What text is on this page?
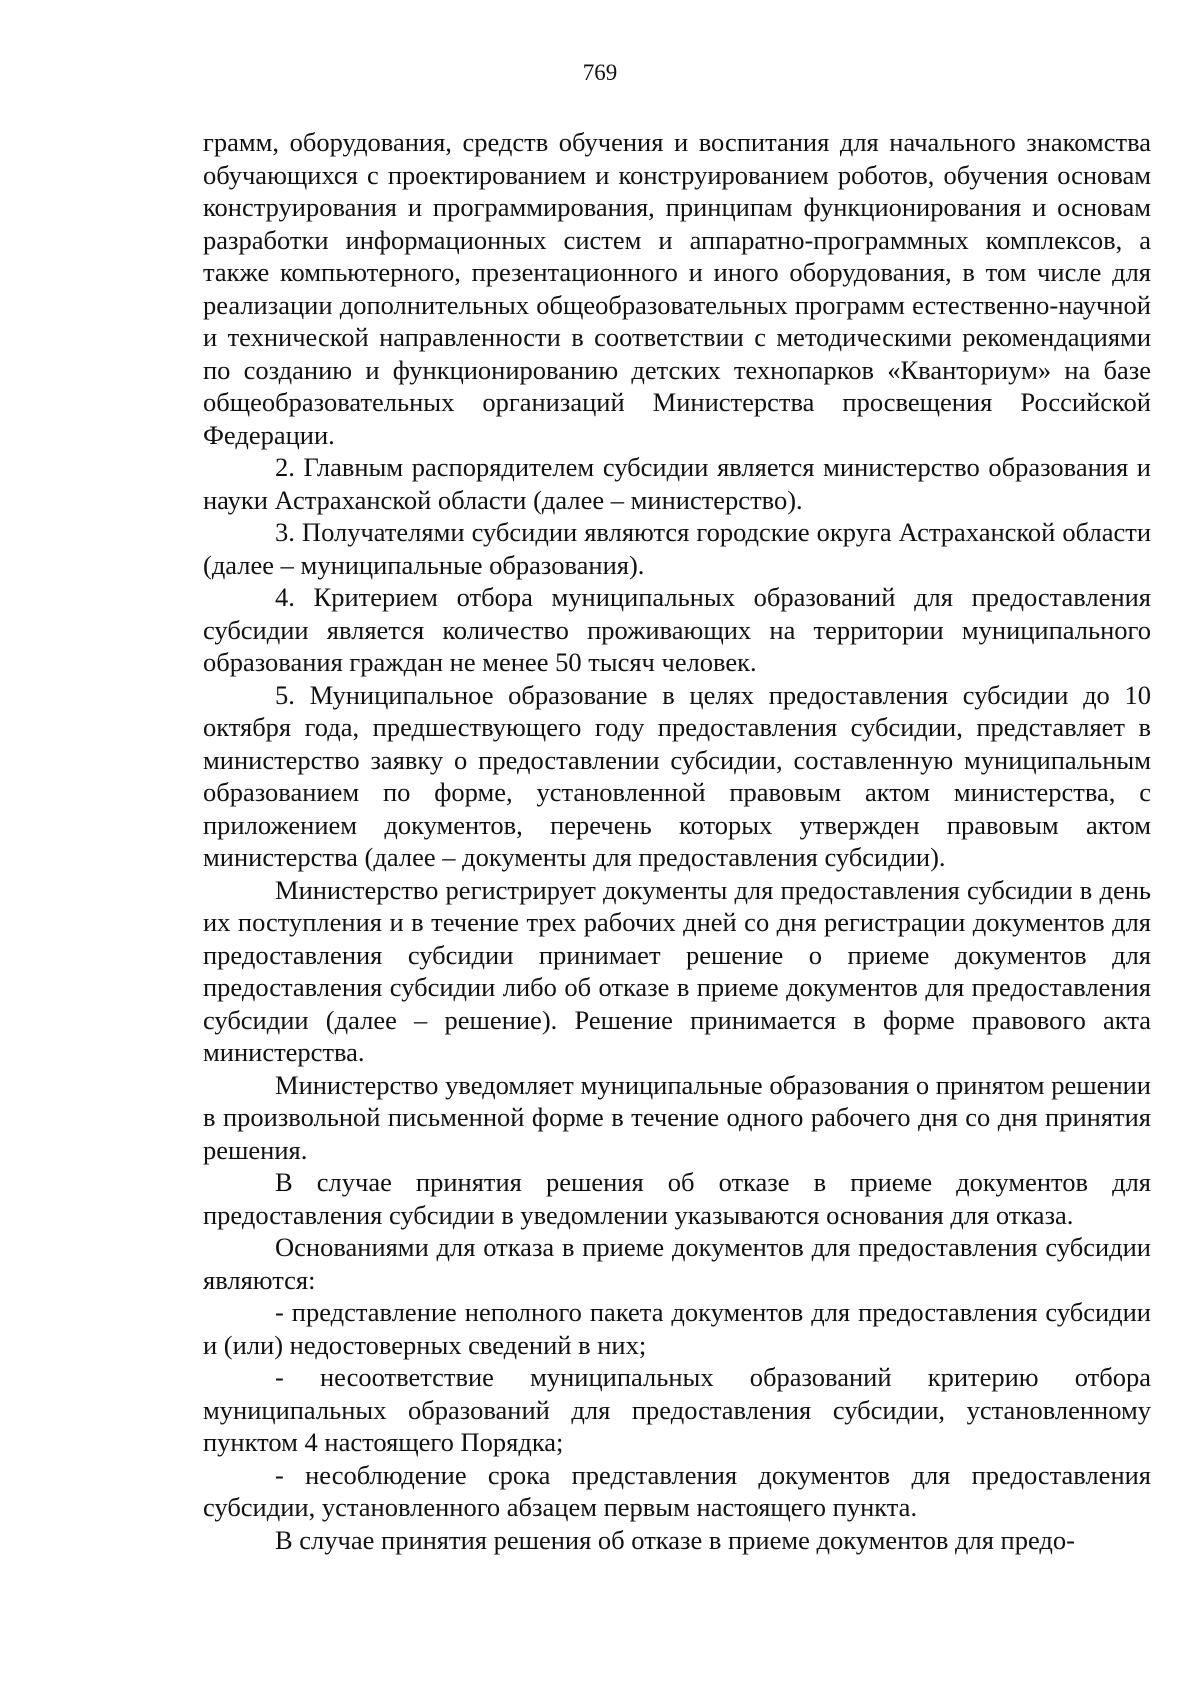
769

грамм, оборудования, средств обучения и воспитания для начального знакомства обучающихся с проектированием и конструированием роботов, обучения основам конструирования и программирования, принципам функционирования и основам разработки информационных систем и аппаратно-программных комплексов, а также компьютерного, презентационного и иного оборудования, в том числе для реализации дополнительных общеобразовательных программ естественно-научной и технической направленности в соответствии с методическими рекомендациями по созданию и функционированию детских технопарков «Кванториум» на базе общеобразовательных организаций Министерства просвещения Российской Федерации.

2. Главным распорядителем субсидии является министерство образования и науки Астраханской области (далее – министерство).

3. Получателями субсидии являются городские округа Астраханской области (далее – муниципальные образования).

4. Критерием отбора муниципальных образований для предоставления субсидии является количество проживающих на территории муниципального образования граждан не менее 50 тысяч человек.

5. Муниципальное образование в целях предоставления субсидии до 10 октября года, предшествующего году предоставления субсидии, представляет в министерство заявку о предоставлении субсидии, составленную муниципальным образованием по форме, установленной правовым актом министерства, с приложением документов, перечень которых утвержден правовым актом министерства (далее – документы для предоставления субсидии).

Министерство регистрирует документы для предоставления субсидии в день их поступления и в течение трех рабочих дней со дня регистрации документов для предоставления субсидии принимает решение о приеме документов для предоставления субсидии либо об отказе в приеме документов для предоставления субсидии (далее – решение). Решение принимается в форме правового акта министерства.

Министерство уведомляет муниципальные образования о принятом решении в произвольной письменной форме в течение одного рабочего дня со дня принятия решения.

В случае принятия решения об отказе в приеме документов для предоставления субсидии в уведомлении указываются основания для отказа.

Основаниями для отказа в приеме документов для предоставления субсидии являются:

- представление неполного пакета документов для предоставления субсидии и (или) недостоверных сведений в них;

- несоответствие муниципальных образований критерию отбора муниципальных образований для предоставления субсидии, установленному пунктом 4 настоящего Порядка;

- несоблюдение срока представления документов для предоставления субсидии, установленного абзацем первым настоящего пункта.

В случае принятия решения об отказе в приеме документов для предо-
